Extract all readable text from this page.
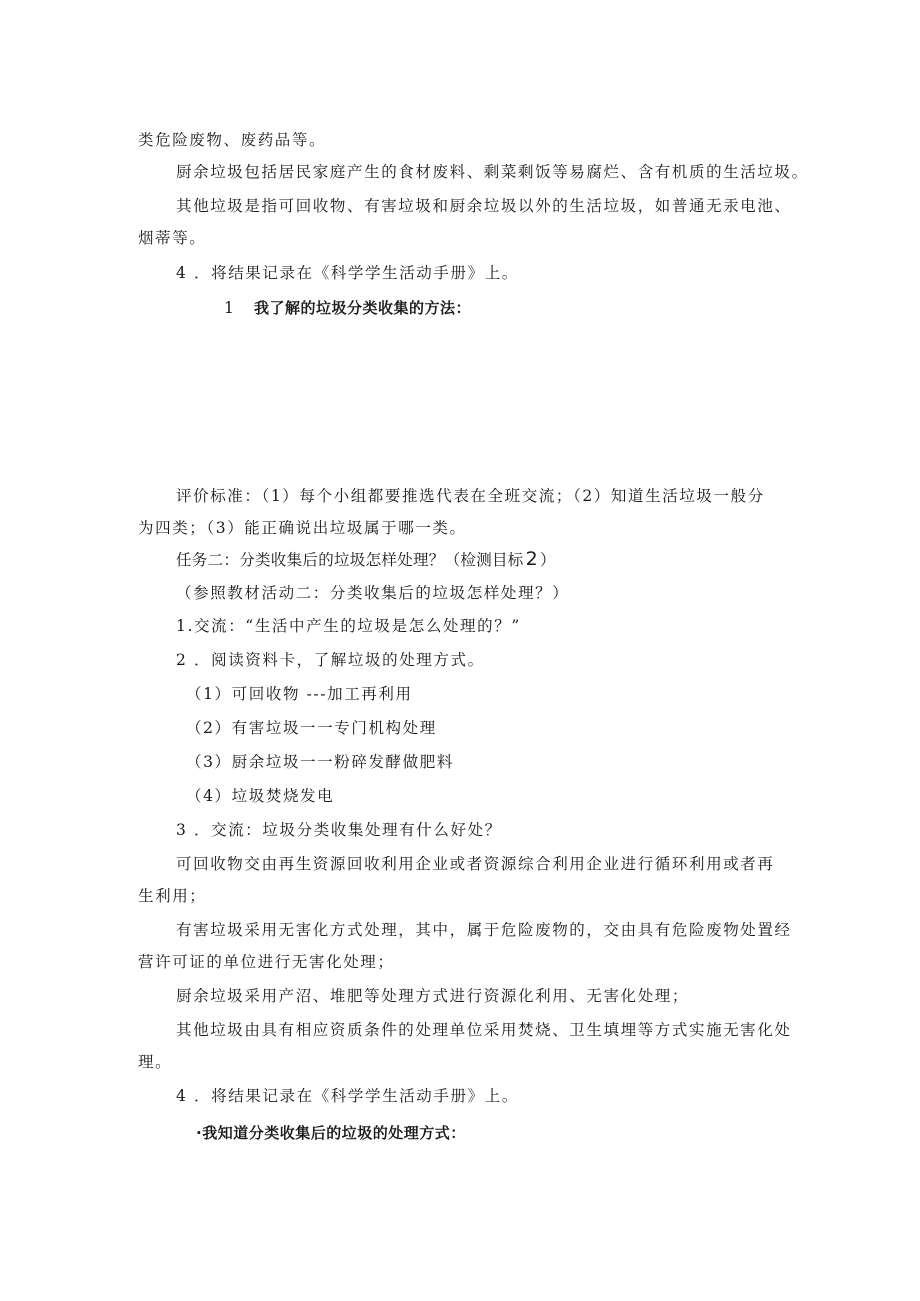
类危险废物、废药品等。
厨余垃圾包括居民家庭产生的食材废料、剩菜剩饭等易腐烂、含有机质的生活垃圾。
其他垃圾是指可回收物、有害垃圾和厨余垃圾以外的生活垃圾，如普通无汞电池、
烟蒂等。
4 ．将结果记录在《科学学生活动手册》上。
1 我了解的垃圾分类收集的方法：
评价标准：（1）每个小组都要推选代表在全班交流；（2）知道生活垃圾一般分
为四类；（3）能正确说出垃圾属于哪一类。
任务二：分类收集后的垃圾怎样处理？（检测目标 2 ）
（参照教材活动二：分类收集后的垃圾怎样处理？）
1.交流：“生活中产生的垃圾是怎么处理的？”
2 ．阅读资料卡，了解垃圾的处理方式。
（1）可回收物 ---加工再利用
（2）有害垃圾一一专门机构处理
（3）厨余垃圾一一粉碎发酵做肥料
（4）垃圾焚烧发电
3 ．交流：垃圾分类收集处理有什么好处？
可回收物交由再生资源回收利用企业或者资源综合利用企业进行循环利用或者再
生利用；
有害垃圾采用无害化方式处理，其中，属于危险废物的，交由具有危险废物处置经
营许可证的单位进行无害化处理；
厨余垃圾采用产沼、堆肥等处理方式进行资源化利用、无害化处理；
其他垃圾由具有相应资质条件的处理单位采用焚烧、卫生填埋等方式实施无害化处
理。
4 ．将结果记录在《科学学生活动手册》上。
·我知道分类收集后的垃圾的处理方式：
